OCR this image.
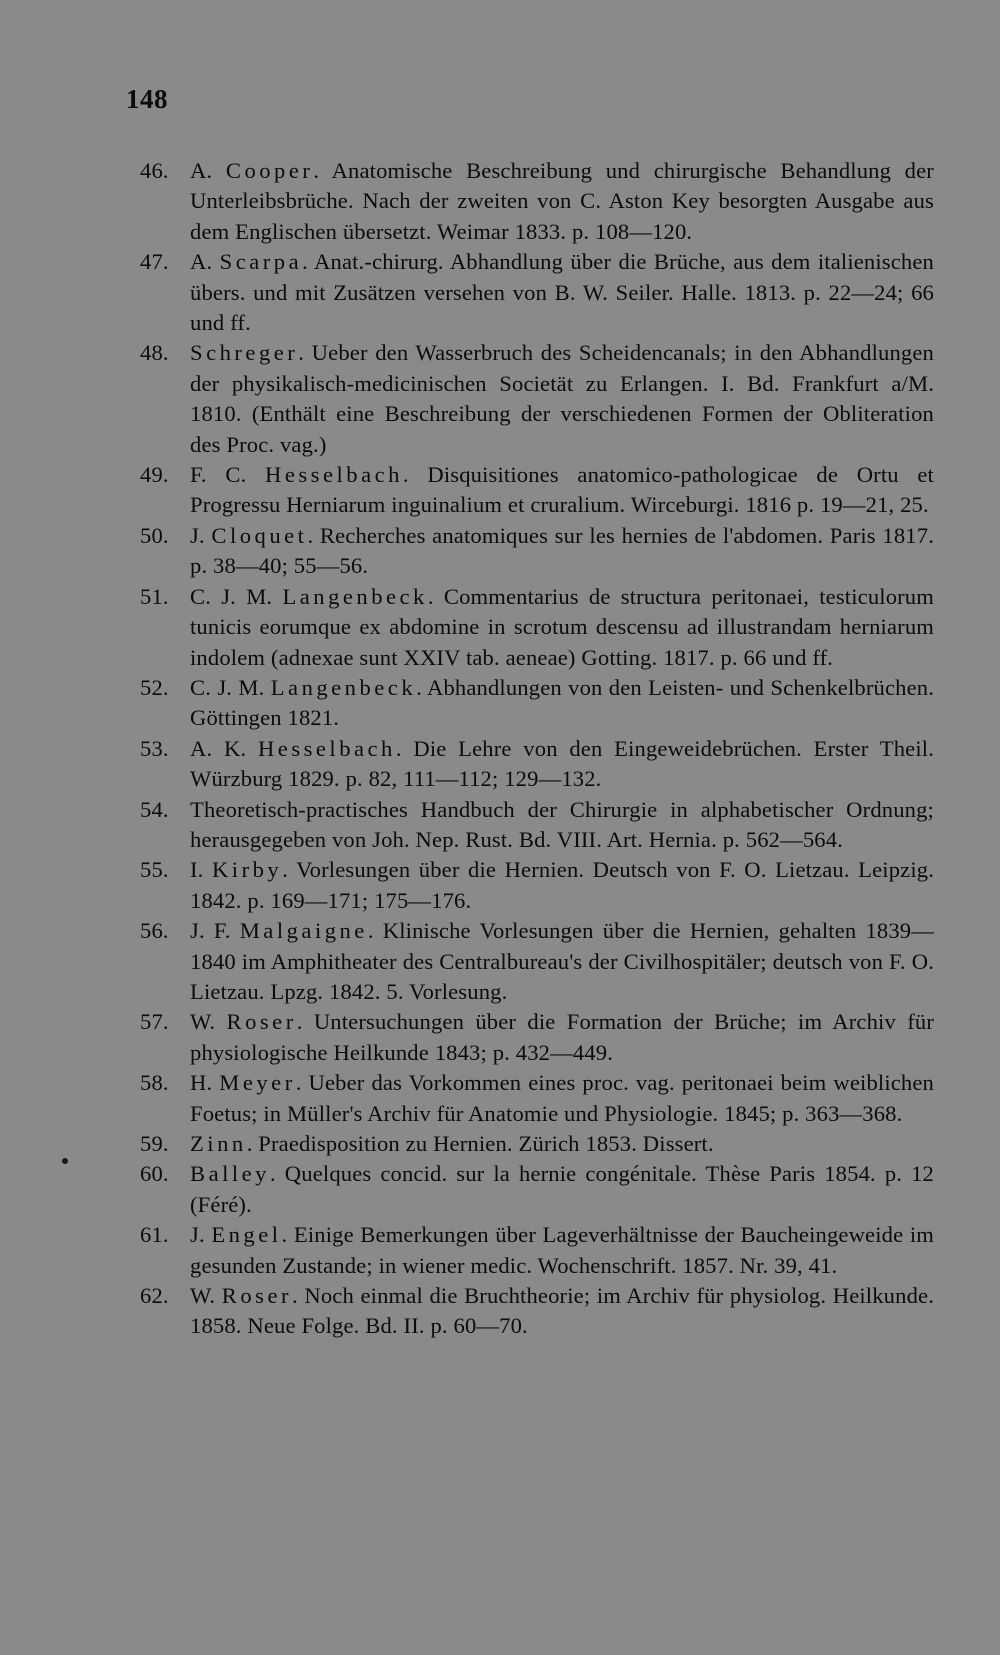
148
46. A. Cooper. Anatomische Beschreibung und chirurgische Behandlung der Unterleibsbrüche. Nach der zweiten von C. Aston Key besorgten Ausgabe aus dem Englischen übersetzt. Weimar 1833. p. 108—120.
47. A. Scarpa. Anat.-chirurg. Abhandlung über die Brüche, aus dem italienischen übers. und mit Zusätzen versehen von B. W. Seiler. Halle. 1813. p. 22—24; 66 und ff.
48. Schreger. Ueber den Wasserbruch des Scheidencanals; in den Abhandlungen der physikalisch-medicinischen Societät zu Erlangen. I. Bd. Frankfurt a/M. 1810. (Enthält eine Beschreibung der verschiedenen Formen der Obliteration des Proc. vag.)
49. F. C. Hesselbach. Disquisitiones anatomico-pathologicae de Ortu et Progressu Herniarum inguinalium et cruralium. Wirceburgi. 1816 p. 19—21, 25.
50. J. Cloquet. Recherches anatomiques sur les hernies de l'abdomen. Paris 1817. p. 38—40; 55—56.
51. C. J. M. Langenbeck. Commentarius de structura peritonaei, testiculorum tunicis eorumque ex abdomine in scrotum descensu ad illustrandam herniarum indolem (adnexae sunt XXIV tab. aeneae) Gotting. 1817. p. 66 und ff.
52. C. J. M. Langenbeck. Abhandlungen von den Leisten- und Schenkelbrüchen. Göttingen 1821.
53. A. K. Hesselbach. Die Lehre von den Eingeweidebrüchen. Erster Theil. Würzburg 1829. p. 82, 111—112; 129—132.
54. Theoretisch-practisches Handbuch der Chirurgie in alphabetischer Ordnung; herausgegeben von Joh. Nep. Rust. Bd. VIII. Art. Hernia. p. 562—564.
55. I. Kirby. Vorlesungen über die Hernien. Deutsch von F. O. Lietzau. Leipzig. 1842. p. 169—171; 175—176.
56. J. F. Malgaigne. Klinische Vorlesungen über die Hernien, gehalten 1839—1840 im Amphitheater des Centralbureau's der Civilhospitäler; deutsch von F. O. Lietzau. Lpzg. 1842. 5. Vorlesung.
57. W. Roser. Untersuchungen über die Formation der Brüche; im Archiv für physiologische Heilkunde 1843; p. 432—449.
58. H. Meyer. Ueber das Vorkommen eines proc. vag. peritonaei beim weiblichen Foetus; in Müller's Archiv für Anatomie und Physiologie. 1845; p. 363—368.
59. Zinn. Praedisposition zu Hernien. Zürich 1853. Dissert.
60. Balley. Quelques concid. sur la hernie congénitale. Thèse Paris 1854. p. 12 (Féré).
61. J. Engel. Einige Bemerkungen über Lageverhältnisse der Baucheingeweide im gesunden Zustande; in wiener medic. Wochenschrift. 1857. Nr. 39, 41.
62. W. Roser. Noch einmal die Bruchtheorie; im Archiv für physiolog. Heilkunde. 1858. Neue Folge. Bd. II. p. 60—70.
